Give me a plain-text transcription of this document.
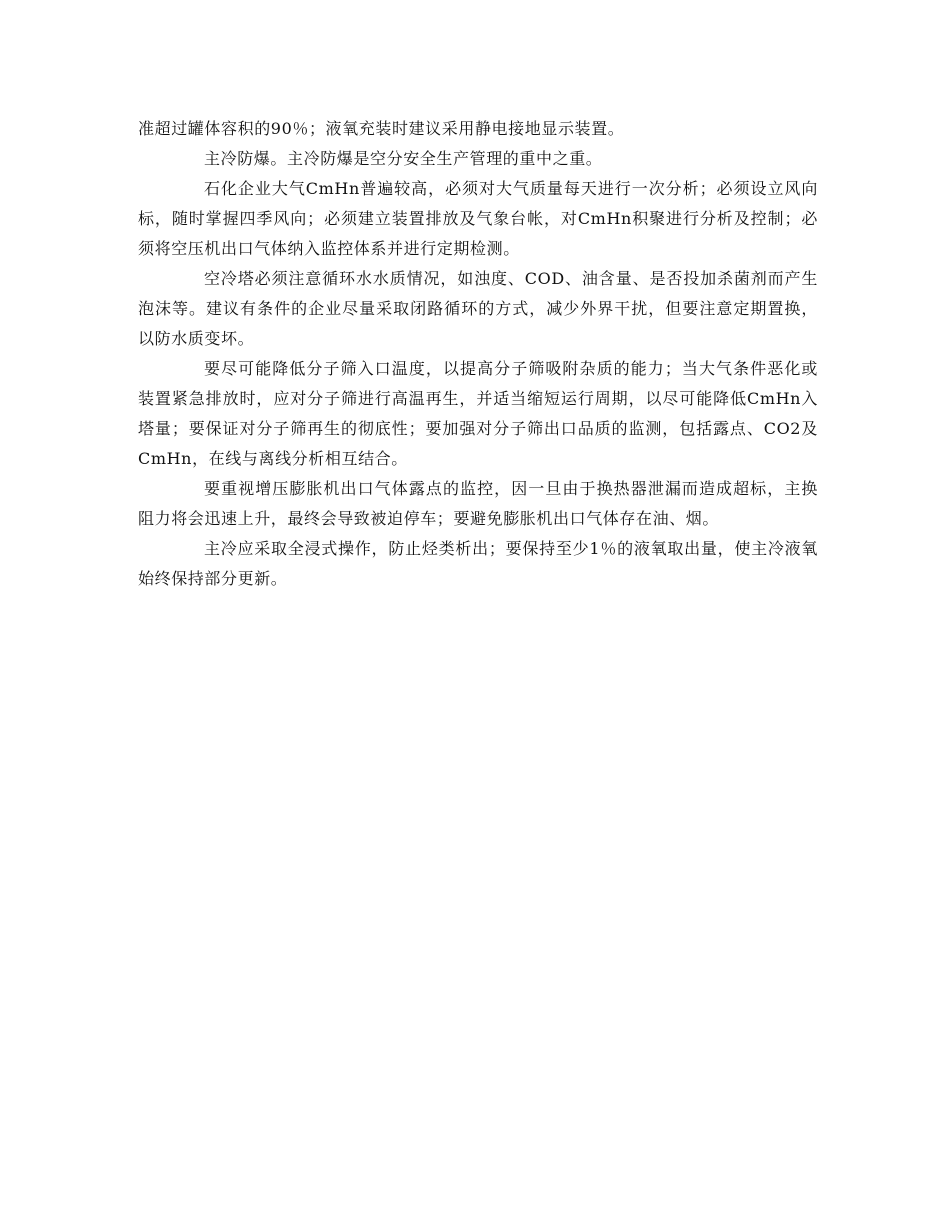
准超过罐体容积的90％；液氧充装时建议采用静电接地显示装置。

主冷防爆。主冷防爆是空分安全生产管理的重中之重。

石化企业大气CmHn普遍较高，必须对大气质量每天进行一次分析；必须设立风向标，随时掌握四季风向；必须建立装置排放及气象台帐，对CmHn积聚进行分析及控制；必须将空压机出口气体纳入监控体系并进行定期检测。

空冷塔必须注意循环水水质情况，如浊度、COD、油含量、是否投加杀菌剂而产生泡沫等。建议有条件的企业尽量采取闭路循环的方式，减少外界干扰，但要注意定期置换，以防水质变坏。

要尽可能降低分子筛入口温度，以提高分子筛吸附杂质的能力；当大气条件恶化或装置紧急排放时，应对分子筛进行高温再生，并适当缩短运行周期，以尽可能降低CmHn入塔量；要保证对分子筛再生的彻底性；要加强对分子筛出口品质的监测，包括露点、CO2及CmHn，在线与离线分析相互结合。

要重视增压膨胀机出口气体露点的监控，因一旦由于换热器泄漏而造成超标，主换阻力将会迅速上升，最终会导致被迫停车；要避免膨胀机出口气体存在油、烟。

主冷应采取全浸式操作，防止烃类析出；要保持至少1％的液氧取出量，使主冷液氧始终保持部分更新。
